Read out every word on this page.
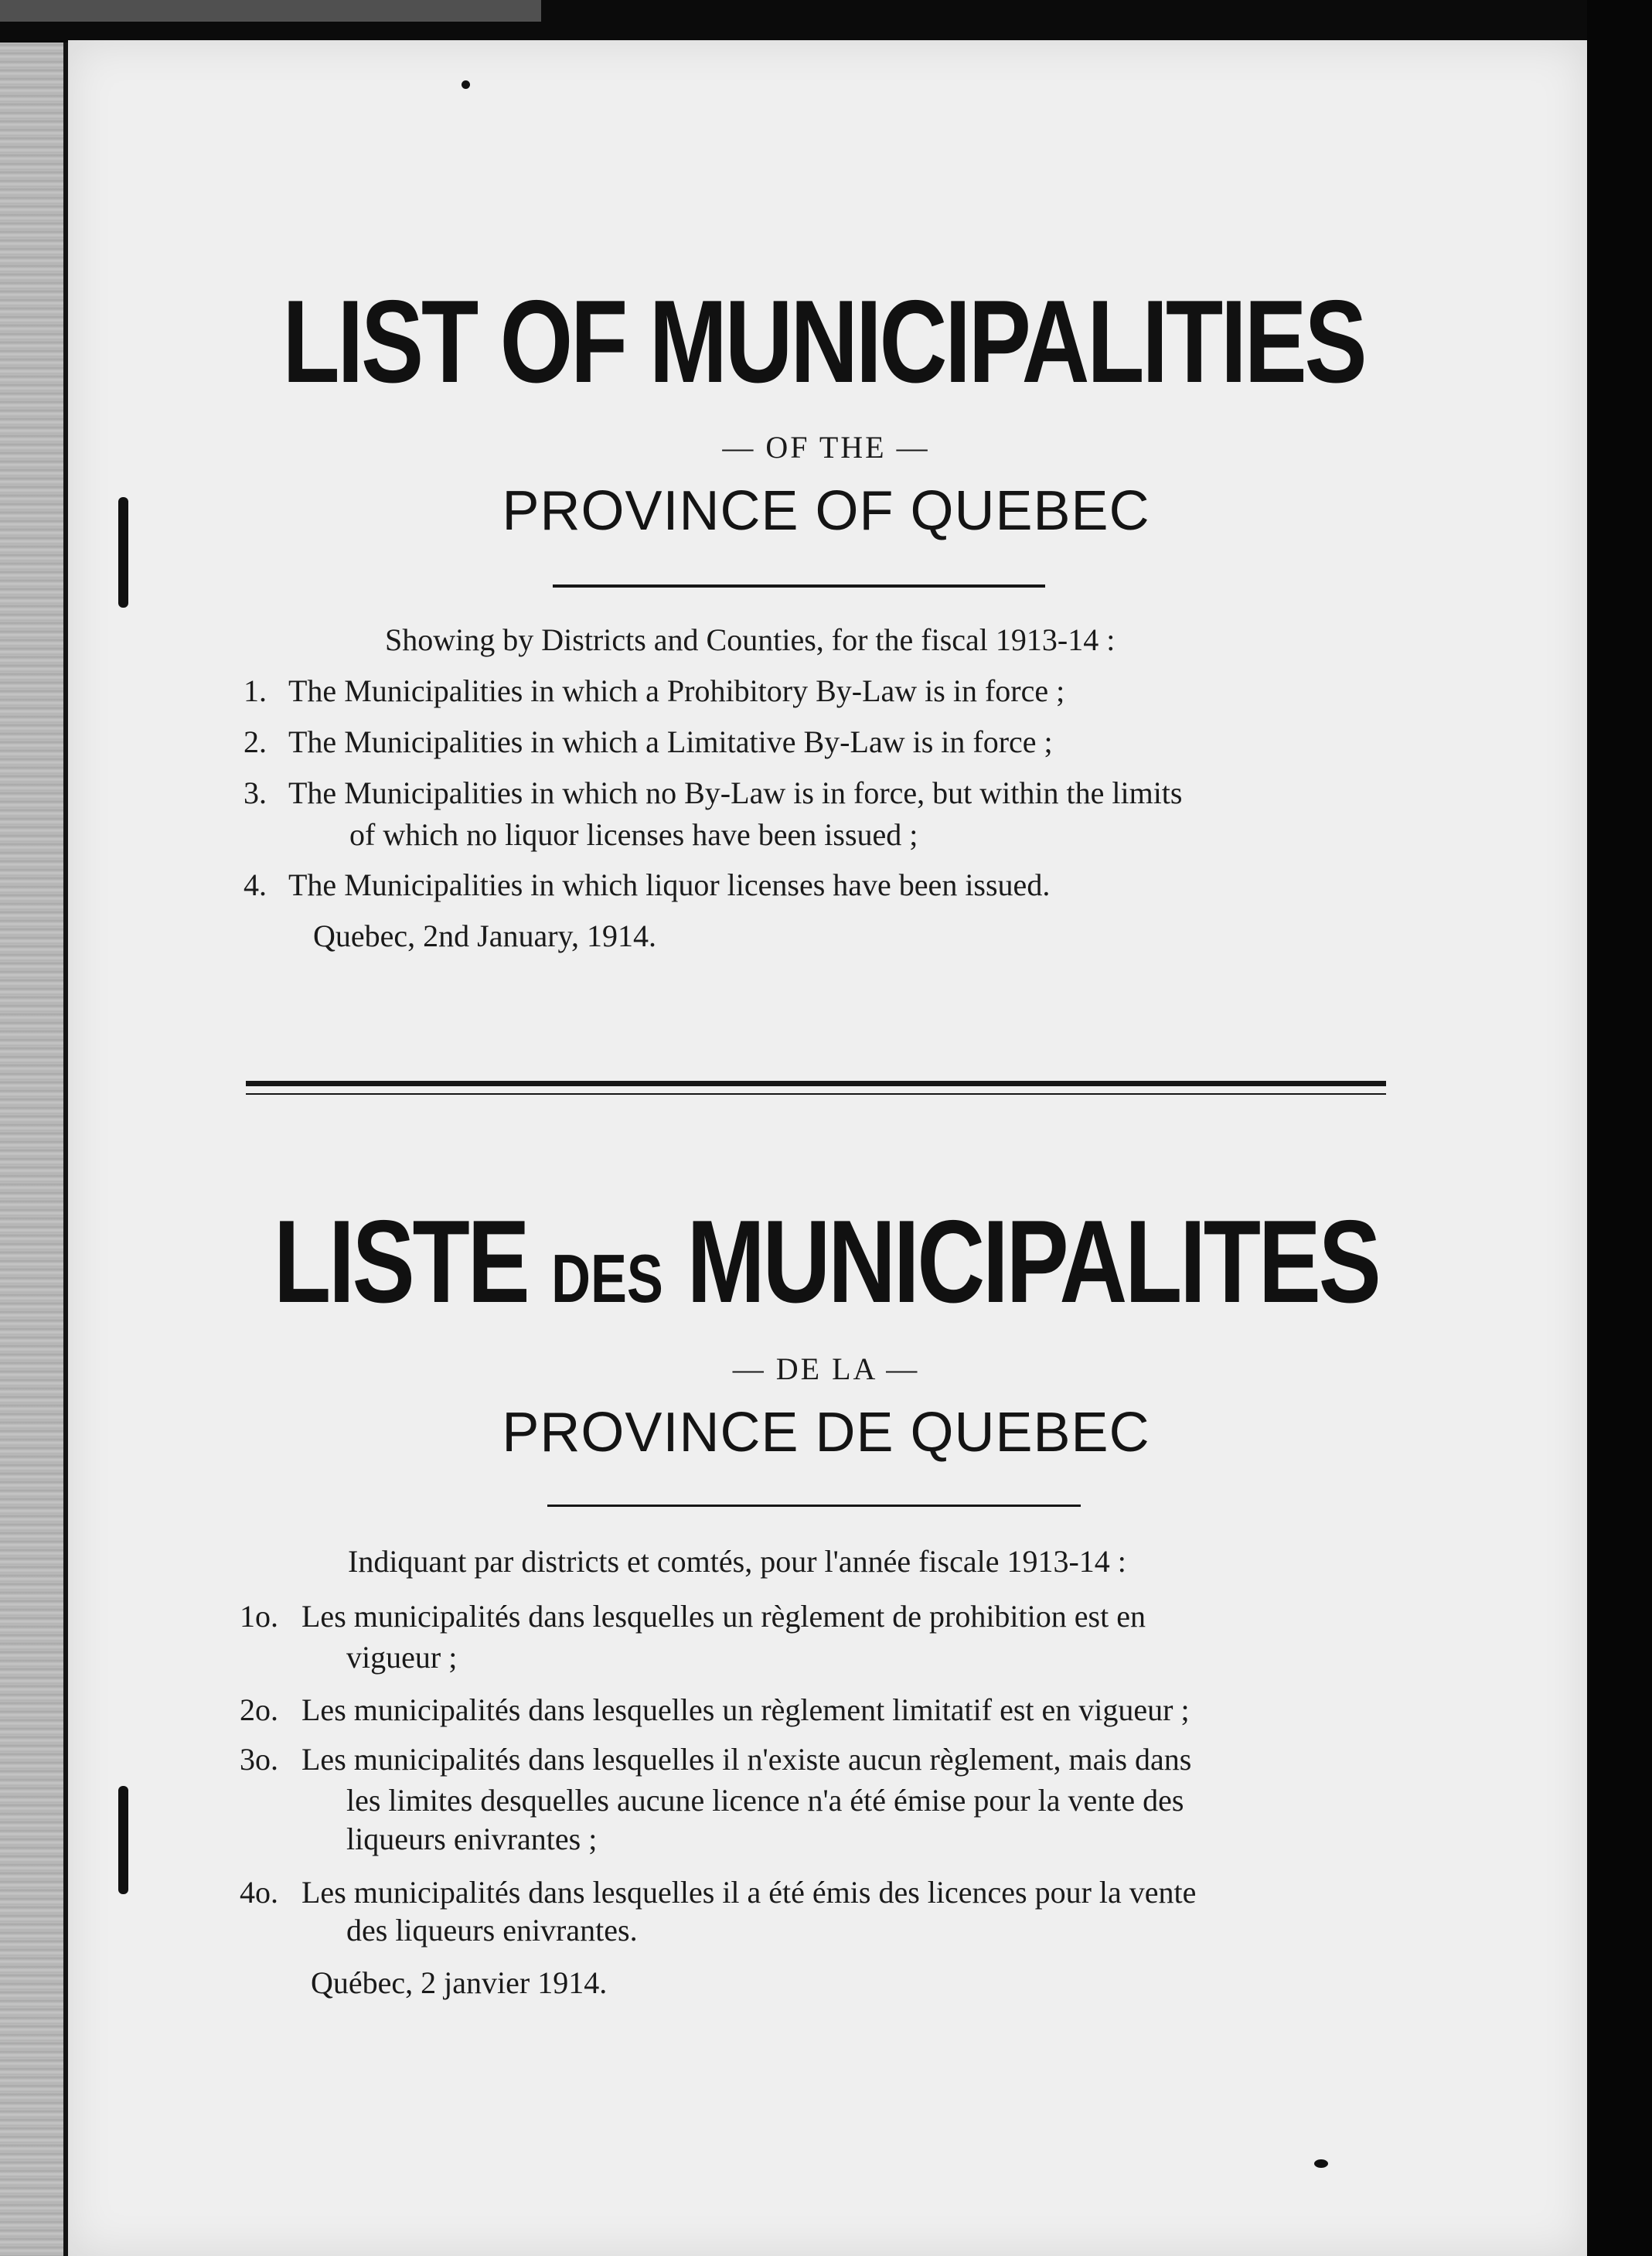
LIST OF MUNICIPALITIES
— OF THE —
PROVINCE OF QUEBEC
Showing by Districts and Counties, for the fiscal 1913-14 :
1. The Municipalities in which a Prohibitory By-Law is in force ;
2. The Municipalities in which a Limitative By-Law is in force ;
3. The Municipalities in which no By-Law is in force, but within the limits
of which no liquor licenses have been issued ;
4. The Municipalities in which liquor licenses have been issued.
Quebec, 2nd January, 1914.
LISTE DES MUNICIPALITES
— DE LA —
PROVINCE DE QUEBEC
Indiquant par districts et comtés, pour l'année fiscale 1913-14 :
1o. Les municipalités dans lesquelles un règlement de prohibition est en
vigueur ;
2o. Les municipalités dans lesquelles un règlement limitatif est en vigueur ;
3o. Les municipalités dans lesquelles il n'existe aucun règlement, mais dans
les limites desquelles aucune licence n'a été émise pour la vente des
liqueurs enivrantes ;
4o. Les municipalités dans lesquelles il a été émis des licences pour la vente
des liqueurs enivrantes.
Québec, 2 janvier 1914.
